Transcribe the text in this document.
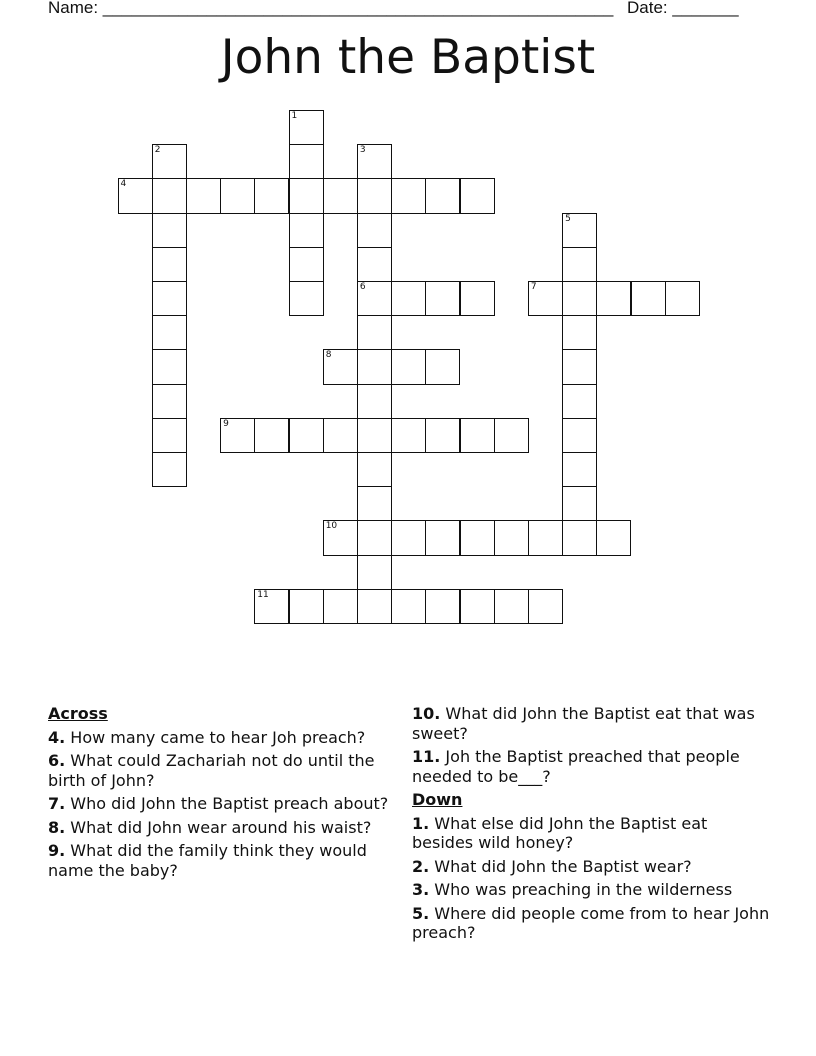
Name: ______________________________________________________ Date: _______
John the Baptist
1
2	3
4
5
6	7
8
9
10
11
Across
4. How many came to hear Joh preach?
6. What could Zachariah not do until the birth of John?
7. Who did John the Baptist preach about?
8. What did John wear around his waist?
9. What did the family think they would name the baby?
10. What did John the Baptist eat that was sweet?
11. Joh the Baptist preached that people needed to be___?
Down
1. What else did John the Baptist eat besides wild honey?
2. What did John the Baptist wear?
3. Who was preaching in the wilderness
5. Where did people come from to hear John preach?
